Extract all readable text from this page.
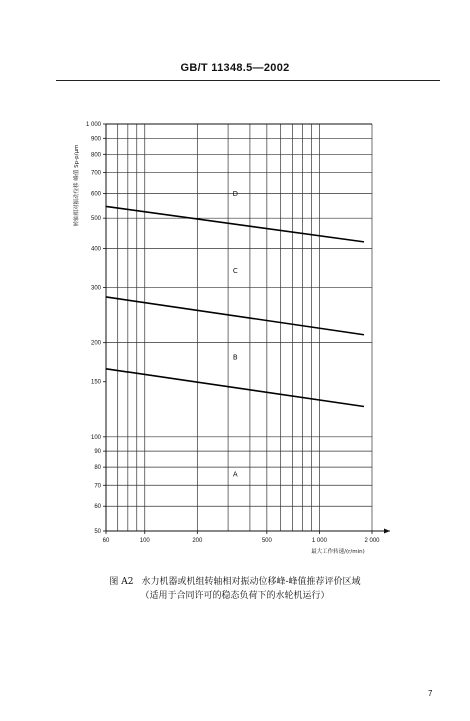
GB/T 11348.5—2002
50
60
70
80
90
100
150
200
300
400
500
600
700
800
900
1 000
60	100	200	500	1 000	2 000
A
B
C
D
最大工作转速/(r/min)
转轴相对振动位移 峰值 Sp-p/μm
图 A2 水力机器或机组转轴相对振动位移峰-峰值推荐评价区域
（适用于合同许可的稳态负荷下的水轮机运行）
7
